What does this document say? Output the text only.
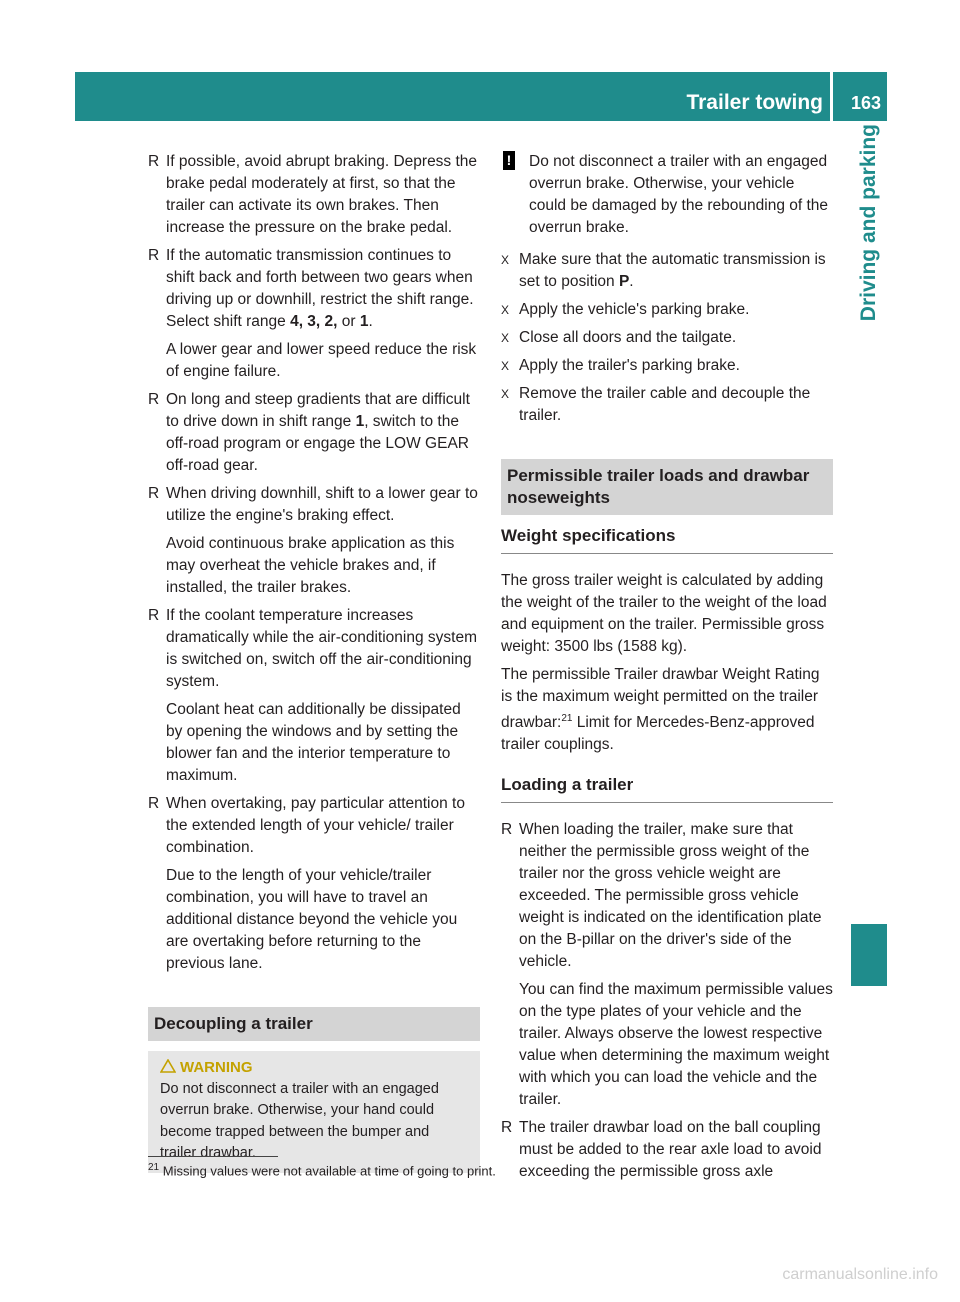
Trailer towing 163
Driving and parking

R If possible, avoid abrupt braking. Depress the brake pedal moderately at first, so that the trailer can activate its own brakes. Then increase the pressure on the brake pedal.

R If the automatic transmission continues to shift back and forth between two gears when driving up or downhill, restrict the shift range. Select shift range 4, 3, 2, or 1.

A lower gear and lower speed reduce the risk of engine failure.

R On long and steep gradients that are difficult to drive down in shift range 1, switch to the off-road program or engage the LOW GEAR off-road gear.

R When driving downhill, shift to a lower gear to utilize the engine's braking effect.

Avoid continuous brake application as this may overheat the vehicle brakes and, if installed, the trailer brakes.

R If the coolant temperature increases dramatically while the air-conditioning system is switched on, switch off the air-conditioning system.

Coolant heat can additionally be dissipated by opening the windows and by setting the blower fan and the interior temperature to maximum.

R When overtaking, pay particular attention to the extended length of your vehicle/ trailer combination.

Due to the length of your vehicle/trailer combination, you will have to travel an additional distance beyond the vehicle you are overtaking before returning to the previous lane.

Decoupling a trailer
WARNING

Do not disconnect a trailer with an engaged overrun brake. Otherwise, your hand could become trapped between the bumper and trailer drawbar.

! Do not disconnect a trailer with an engaged overrun brake. Otherwise, your vehicle could be damaged by the rebounding of the overrun brake.

X Make sure that the automatic transmission is set to position P.

X Apply the vehicle's parking brake.

X Close all doors and the tailgate.

X Apply the trailer's parking brake.

X Remove the trailer cable and decouple the trailer.

Permissible trailer loads and drawbar noseweights
Weight specifications

The gross trailer weight is calculated by adding the weight of the trailer to the weight of the load and equipment on the trailer. Permissible gross weight: 3500 lbs (1588 kg).

The permissible Trailer drawbar Weight Rating is the maximum weight permitted on the trailer drawbar:$^{21}$ Limit for Mercedes-Benz-approved trailer couplings.

Loading a trailer

R When loading the trailer, make sure that neither the permissible gross weight of the trailer nor the gross vehicle weight are exceeded. The permissible gross vehicle weight is indicated on the identification plate on the B-pillar on the driver's side of the vehicle.

You can find the maximum permissible values on the type plates of your vehicle and the trailer. Always observe the lowest respective value when determining the maximum weight with which you can load the vehicle and the trailer.

R The trailer drawbar load on the ball coupling must be added to the rear axle load to avoid exceeding the permissible gross axle

$^{21}$ Missing values were not available at time of going to print.
carmanualsonline.info
